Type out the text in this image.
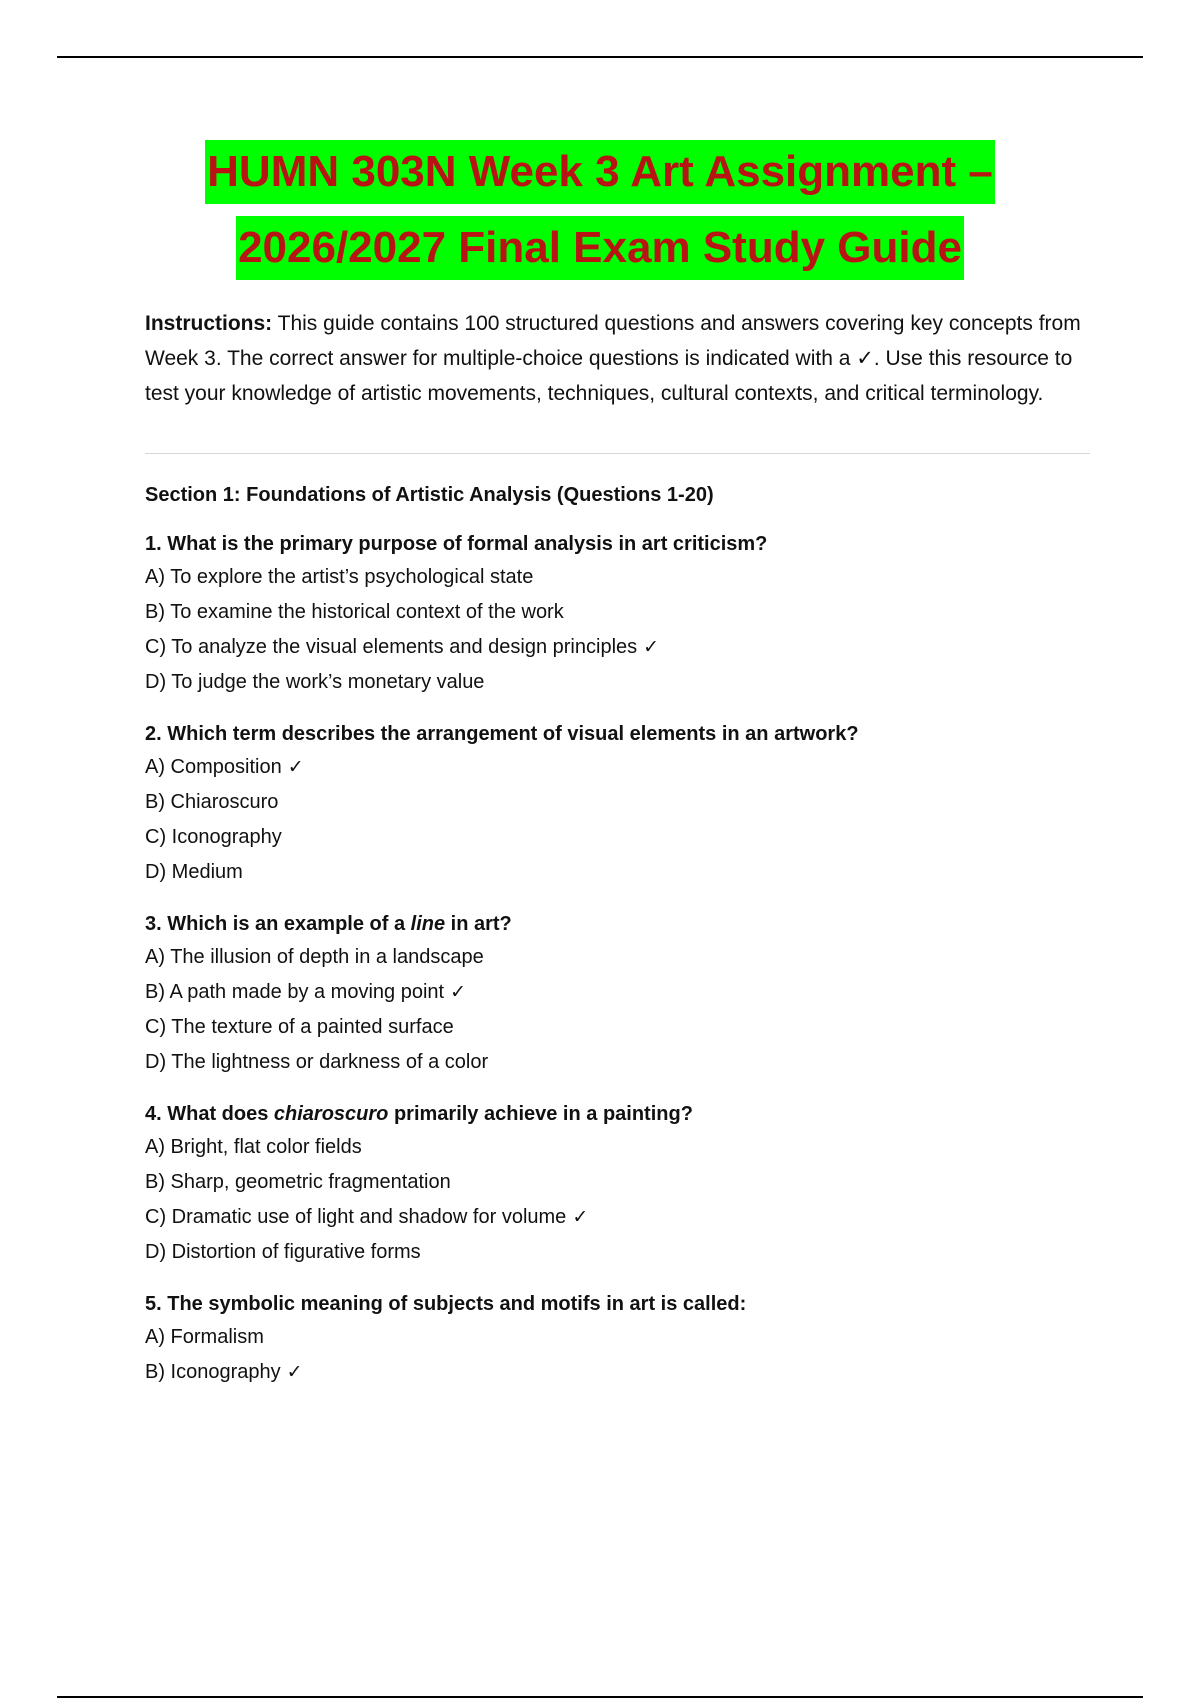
HUMN 303N Week 3 Art Assignment –
2026/2027 Final Exam Study Guide

Instructions: This guide contains 100 structured questions and answers covering key concepts from Week 3. The correct answer for multiple-choice questions is indicated with a ✓. Use this resource to test your knowledge of artistic movements, techniques, cultural contexts, and critical terminology.

Section 1: Foundations of Artistic Analysis (Questions 1-20)

1. What is the primary purpose of formal analysis in art criticism?

A) To explore the artist’s psychological state

B) To examine the historical context of the work

C) To analyze the visual elements and design principles ✓

D) To judge the work’s monetary value

2. Which term describes the arrangement of visual elements in an artwork?

A) Composition ✓

B) Chiaroscuro

C) Iconography

D) Medium

3. Which is an example of a line in art?

A) The illusion of depth in a landscape

B) A path made by a moving point ✓

C) The texture of a painted surface

D) The lightness or darkness of a color

4. What does chiaroscuro primarily achieve in a painting?

A) Bright, flat color fields

B) Sharp, geometric fragmentation

C) Dramatic use of light and shadow for volume ✓

D) Distortion of figurative forms

5. The symbolic meaning of subjects and motifs in art is called:

A) Formalism

B) Iconography ✓
